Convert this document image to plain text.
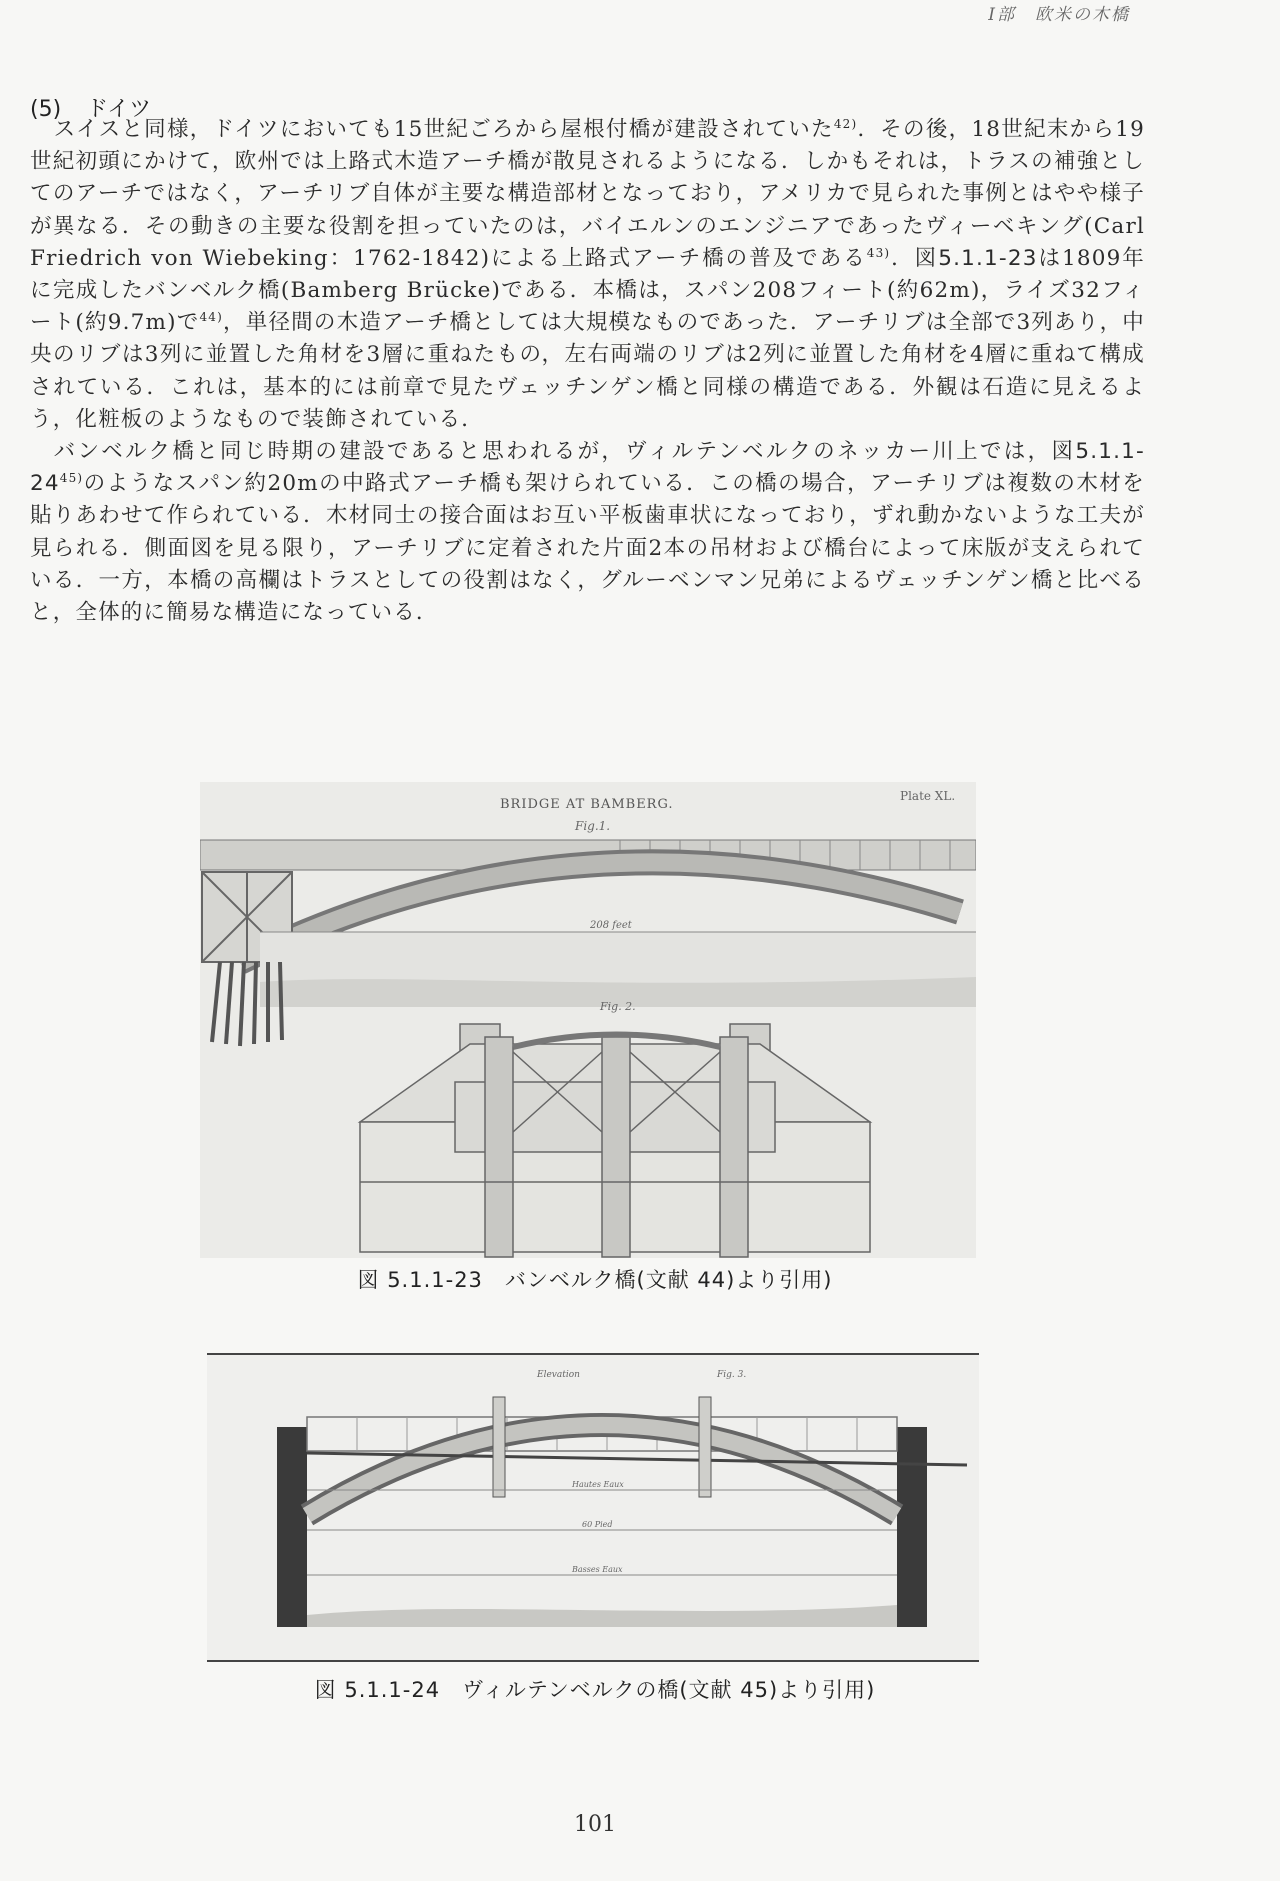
I部　欧米の木橋
(5) ドイツ

スイスと同様，ドイツにおいても15世紀ごろから屋根付橋が建設されていた$^{42)}$．その後，18世紀末から19世紀初頭にかけて，欧州では上路式木造アーチ橋が散見されるようになる．しかもそれは，トラスの補強としてのアーチではなく，アーチリブ自体が主要な構造部材となっており，アメリカで見られた事例とはやや様子が異なる．その動きの主要な役割を担っていたのは，バイエルンのエンジニアであったヴィーベキング(Carl Friedrich von Wiebeking：1762-1842)による上路式アーチ橋の普及である$^{43)}$．図5.1.1-23は1809年に完成したバンベルク橋(Bamberg Brücke)である．本橋は，スパン208フィート(約62m)，ライズ32フィート(約9.7m)で$^{44)}$，単径間の木造アーチ橋としては大規模なものであった．アーチリブは全部で3列あり，中央のリブは3列に並置した角材を3層に重ねたもの，左右両端のリブは2列に並置した角材を4層に重ねて構成されている．これは，基本的には前章で見たヴェッチンゲン橋と同様の構造である．外観は石造に見えるよう，化粧板のようなもので装飾されている．

バンベルク橋と同じ時期の建設であると思われるが，ヴィルテンベルクのネッカー川上では，図5.1.1-24$^{45)}$のようなスパン約20mの中路式アーチ橋も架けられている．この橋の場合，アーチリブは複数の木材を貼りあわせて作られている．木材同士の接合面はお互い平板歯車状になっており，ずれ動かないような工夫が見られる．側面図を見る限り，アーチリブに定着された片面2本の吊材および橋台によって床版が支えられている．一方，本橋の高欄はトラスとしての役割はなく，グルーベンマン兄弟によるヴェッチンゲン橋と比べると，全体的に簡易な構造になっている．

BRIDGE AT BAMBERG.
Plate XL.
Fig.1.
208 feet
Fig. 2.
図 5.1.1-23　バンベルク橋(文献 44)より引用)
Elevation	Fig. 3.
Hautes Eaux
60 Pied
Basses Eaux
図 5.1.1-24　ヴィルテンベルクの橋(文献 45)より引用)
101
